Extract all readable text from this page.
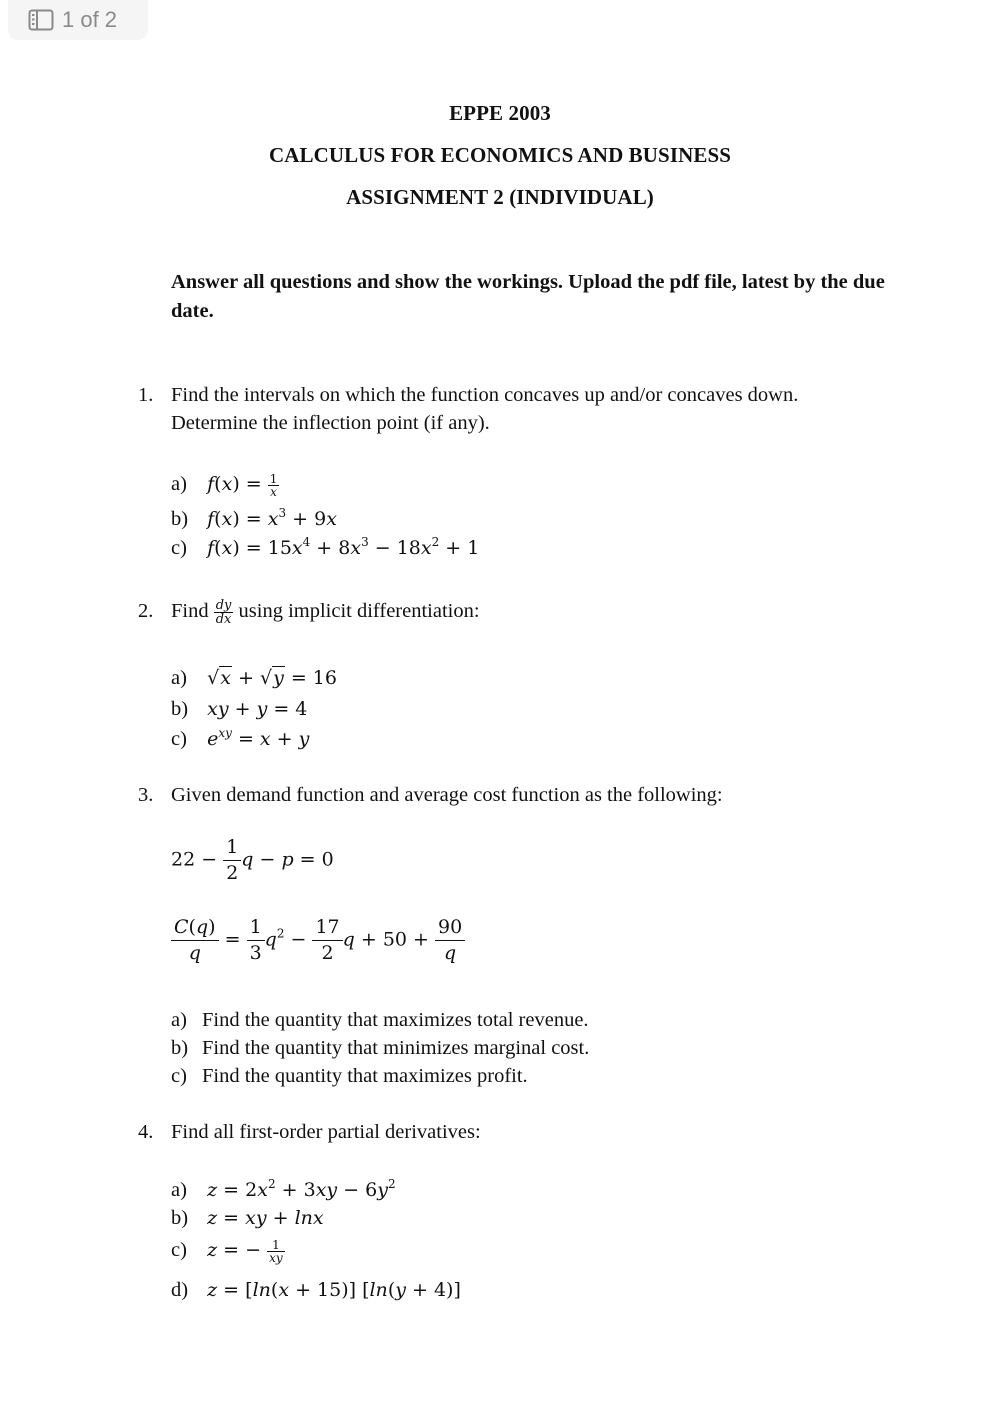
1 of 2
EPPE 2003
CALCULUS FOR ECONOMICS AND BUSINESS
ASSIGNMENT 2 (INDIVIDUAL)
Answer all questions and show the workings. Upload the pdf file, latest by the due date.
1. Find the intervals on which the function concaves up and/or concaves down.
Determine the inflection point (if any).
a) $f(x) = \frac{1}{x}$
b) $f(x) = x^3 + 9x$
c) $f(x) = 15x^4 + 8x^3 - 18x^2 + 1$
2. Find $\frac{dy}{dx}$ using implicit differentiation:
a) √x + √y = 16
b) xy + y = 4
c) $e^{xy} = x + y$
3. Given demand function and average cost function as the following:
$22 - \frac{1}{2}$ q − p = 0
$\frac{C(q)}{q} = \frac{1}{3} q^2 - \frac{17}{2}$ $q + 50 + \frac{90}{q}$
a) Find the quantity that maximizes total revenue.
b) Find the quantity that minimizes marginal cost.
c) Find the quantity that maximizes profit.
4. Find all first-order partial derivatives:
a) $z = 2x^2 + 3xy - 6y^2$
b) z = xy + lnx
c) z = − $\frac{1}{xy}$
d) z = [ln(x + 15)] [ln(y + 4)]
